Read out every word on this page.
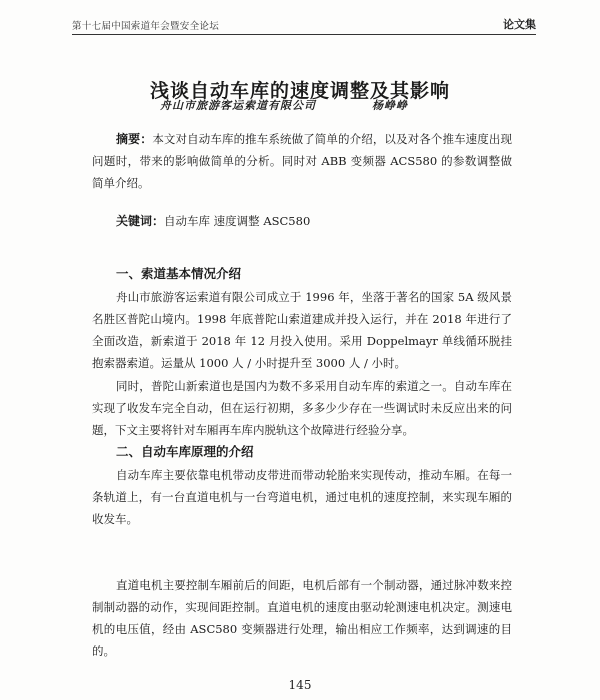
第十七届中国索道年会暨安全论坛	论文集
浅谈自动车库的速度调整及其影响
舟山市旅游客运索道有限公司	杨峥峥
摘要：本文对自动车库的推车系统做了简单的介绍，以及对各个推车速度出现问题时，带来的影响做简单的分析。同时对 ABB 变频器 ACS580 的参数调整做简单介绍。
关键词：自动车库 速度调整 ASC580
一、索道基本情况介绍

舟山市旅游客运索道有限公司成立于 1996 年，坐落于著名的国家 5A 级风景名胜区普陀山境内。1998 年底普陀山索道建成并投入运行，并在 2018 年进行了全面改造，新索道于 2018 年 12 月投入使用。采用 Doppelmayr 单线循环脱挂抱索器索道。运量从 1000 人 / 小时提升至 3000 人 / 小时。

同时，普陀山新索道也是国内为数不多采用自动车库的索道之一。自动车库在实现了收发车完全自动，但在运行初期，多多少少存在一些调试时未反应出来的问题，下文主要将针对车厢再车库内脱轨这个故障进行经验分享。

二、自动车库原理的介绍

自动车库主要依靠电机带动皮带进而带动轮胎来实现传动，推动车厢。在每一条轨道上，有一台直道电机与一台弯道电机，通过电机的速度控制，来实现车厢的收发车。

直道电机主要控制车厢前后的间距，电机后部有一个制动器，通过脉冲数来控制制动器的动作，实现间距控制。直道电机的速度由驱动轮测速电机决定。测速电机的电压值，经由 ASC580 变频器进行处理，输出相应工作频率，达到调速的目的。

145
